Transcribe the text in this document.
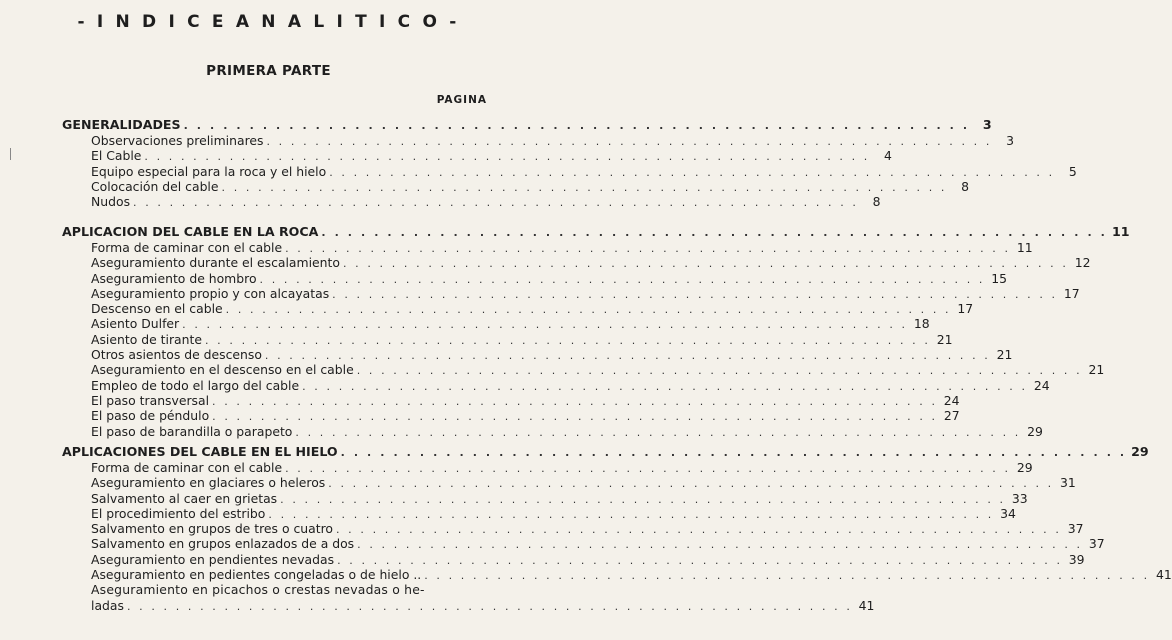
- I N D I C E A N A L I T I C O -
PRIMERA PARTE
PAGINA
GENERALIDADES . . . . . . . . . . . . . . . . . . . . . . . . . . . . . . . . . . . . . . . . . . . . . . . . . . . . . . . . . . . .	3
Observaciones preliminares . . . . . . . . . . . . . . . . . . . . . . . . . . . . . . . . . . . . . . . . . . . . . . . . . . . . . . . . . . . .	3
El Cable . . . . . . . . . . . . . . . . . . . . . . . . . . . . . . . . . . . . . . . . . . . . . . . . . . . . . . . . . . . .	4
Equipo especial para la roca y el hielo . . . . . . . . . . . . . . . . . . . . . . . . . . . . . . . . . . . . . . . . . . . . . . . . . . . . . . . . . . . .	5
Colocación del cable . . . . . . . . . . . . . . . . . . . . . . . . . . . . . . . . . . . . . . . . . . . . . . . . . . . . . . . . . . . .	8
Nudos . . . . . . . . . . . . . . . . . . . . . . . . . . . . . . . . . . . . . . . . . . . . . . . . . . . . . . . . . . . .	8
APLICACION DEL CABLE EN LA ROCA . . . . . . . . . . . . . . . . . . . . . . . . . . . . . . . . . . . . . . . . . . . . . . . . . . . . . . . . . . . . 11
Forma de caminar con el cable . . . . . . . . . . . . . . . . . . . . . . . . . . . . . . . . . . . . . . . . . . . . . . . . . . . . . . . . . . . . 11
Aseguramiento durante el escalamiento . . . . . . . . . . . . . . . . . . . . . . . . . . . . . . . . . . . . . . . . . . . . . . . . . . . . . . . . . . . . 12
Aseguramiento de hombro . . . . . . . . . . . . . . . . . . . . . . . . . . . . . . . . . . . . . . . . . . . . . . . . . . . . . . . . . . . . 15
Aseguramiento propio y con alcayatas . . . . . . . . . . . . . . . . . . . . . . . . . . . . . . . . . . . . . . . . . . . . . . . . . . . . . . . . . . . . 17
Descenso en el cable . . . . . . . . . . . . . . . . . . . . . . . . . . . . . . . . . . . . . . . . . . . . . . . . . . . . . . . . . . . . 17
Asiento Dulfer . . . . . . . . . . . . . . . . . . . . . . . . . . . . . . . . . . . . . . . . . . . . . . . . . . . . . . . . . . . . 18
Asiento de tirante . . . . . . . . . . . . . . . . . . . . . . . . . . . . . . . . . . . . . . . . . . . . . . . . . . . . . . . . . . . . 21
Otros asientos de descenso . . . . . . . . . . . . . . . . . . . . . . . . . . . . . . . . . . . . . . . . . . . . . . . . . . . . . . . . . . . . 21
Aseguramiento en el descenso en el cable . . . . . . . . . . . . . . . . . . . . . . . . . . . . . . . . . . . . . . . . . . . . . . . . . . . . . . . . . . . . 21
Empleo de todo el largo del cable . . . . . . . . . . . . . . . . . . . . . . . . . . . . . . . . . . . . . . . . . . . . . . . . . . . . . . . . . . . . 24
El paso transversal . . . . . . . . . . . . . . . . . . . . . . . . . . . . . . . . . . . . . . . . . . . . . . . . . . . . . . . . . . . . 24
El paso de péndulo . . . . . . . . . . . . . . . . . . . . . . . . . . . . . . . . . . . . . . . . . . . . . . . . . . . . . . . . . . . . 27
El paso de barandilla o parapeto . . . . . . . . . . . . . . . . . . . . . . . . . . . . . . . . . . . . . . . . . . . . . . . . . . . . . . . . . . . . 29
APLICACIONES DEL CABLE EN EL HIELO . . . . . . . . . . . . . . . . . . . . . . . . . . . . . . . . . . . . . . . . . . . . . . . . . . . . . . . . . . . . 29
Forma de caminar con el cable . . . . . . . . . . . . . . . . . . . . . . . . . . . . . . . . . . . . . . . . . . . . . . . . . . . . . . . . . . . . 29
Aseguramiento en glaciares o heleros . . . . . . . . . . . . . . . . . . . . . . . . . . . . . . . . . . . . . . . . . . . . . . . . . . . . . . . . . . . . 31
Salvamento al caer en grietas . . . . . . . . . . . . . . . . . . . . . . . . . . . . . . . . . . . . . . . . . . . . . . . . . . . . . . . . . . . . 33
El procedimiento del estribo . . . . . . . . . . . . . . . . . . . . . . . . . . . . . . . . . . . . . . . . . . . . . . . . . . . . . . . . . . . . 34
Salvamento en grupos de tres o cuatro . . . . . . . . . . . . . . . . . . . . . . . . . . . . . . . . . . . . . . . . . . . . . . . . . . . . . . . . . . . . 37
Salvamento en grupos enlazados de a dos . . . . . . . . . . . . . . . . . . . . . . . . . . . . . . . . . . . . . . . . . . . . . . . . . . . . . . . . . . . . 37
Aseguramiento en pendientes nevadas . . . . . . . . . . . . . . . . . . . . . . . . . . . . . . . . . . . . . . . . . . . . . . . . . . . . . . . . . . . . 39
Aseguramiento en pedientes congeladas o de hielo .. . . . . . . . . . . . . . . . . . . . . . . . . . . . . . . . . . . . . . . . . . . . . . . . . . . . . . . . . . . . . 41
Aseguramiento en picachos o crestas nevadas o he-
ladas . . . . . . . . . . . . . . . . . . . . . . . . . . . . . . . . . . . . . . . . . . . . . . . . . . . . . . . . . . . . 41
